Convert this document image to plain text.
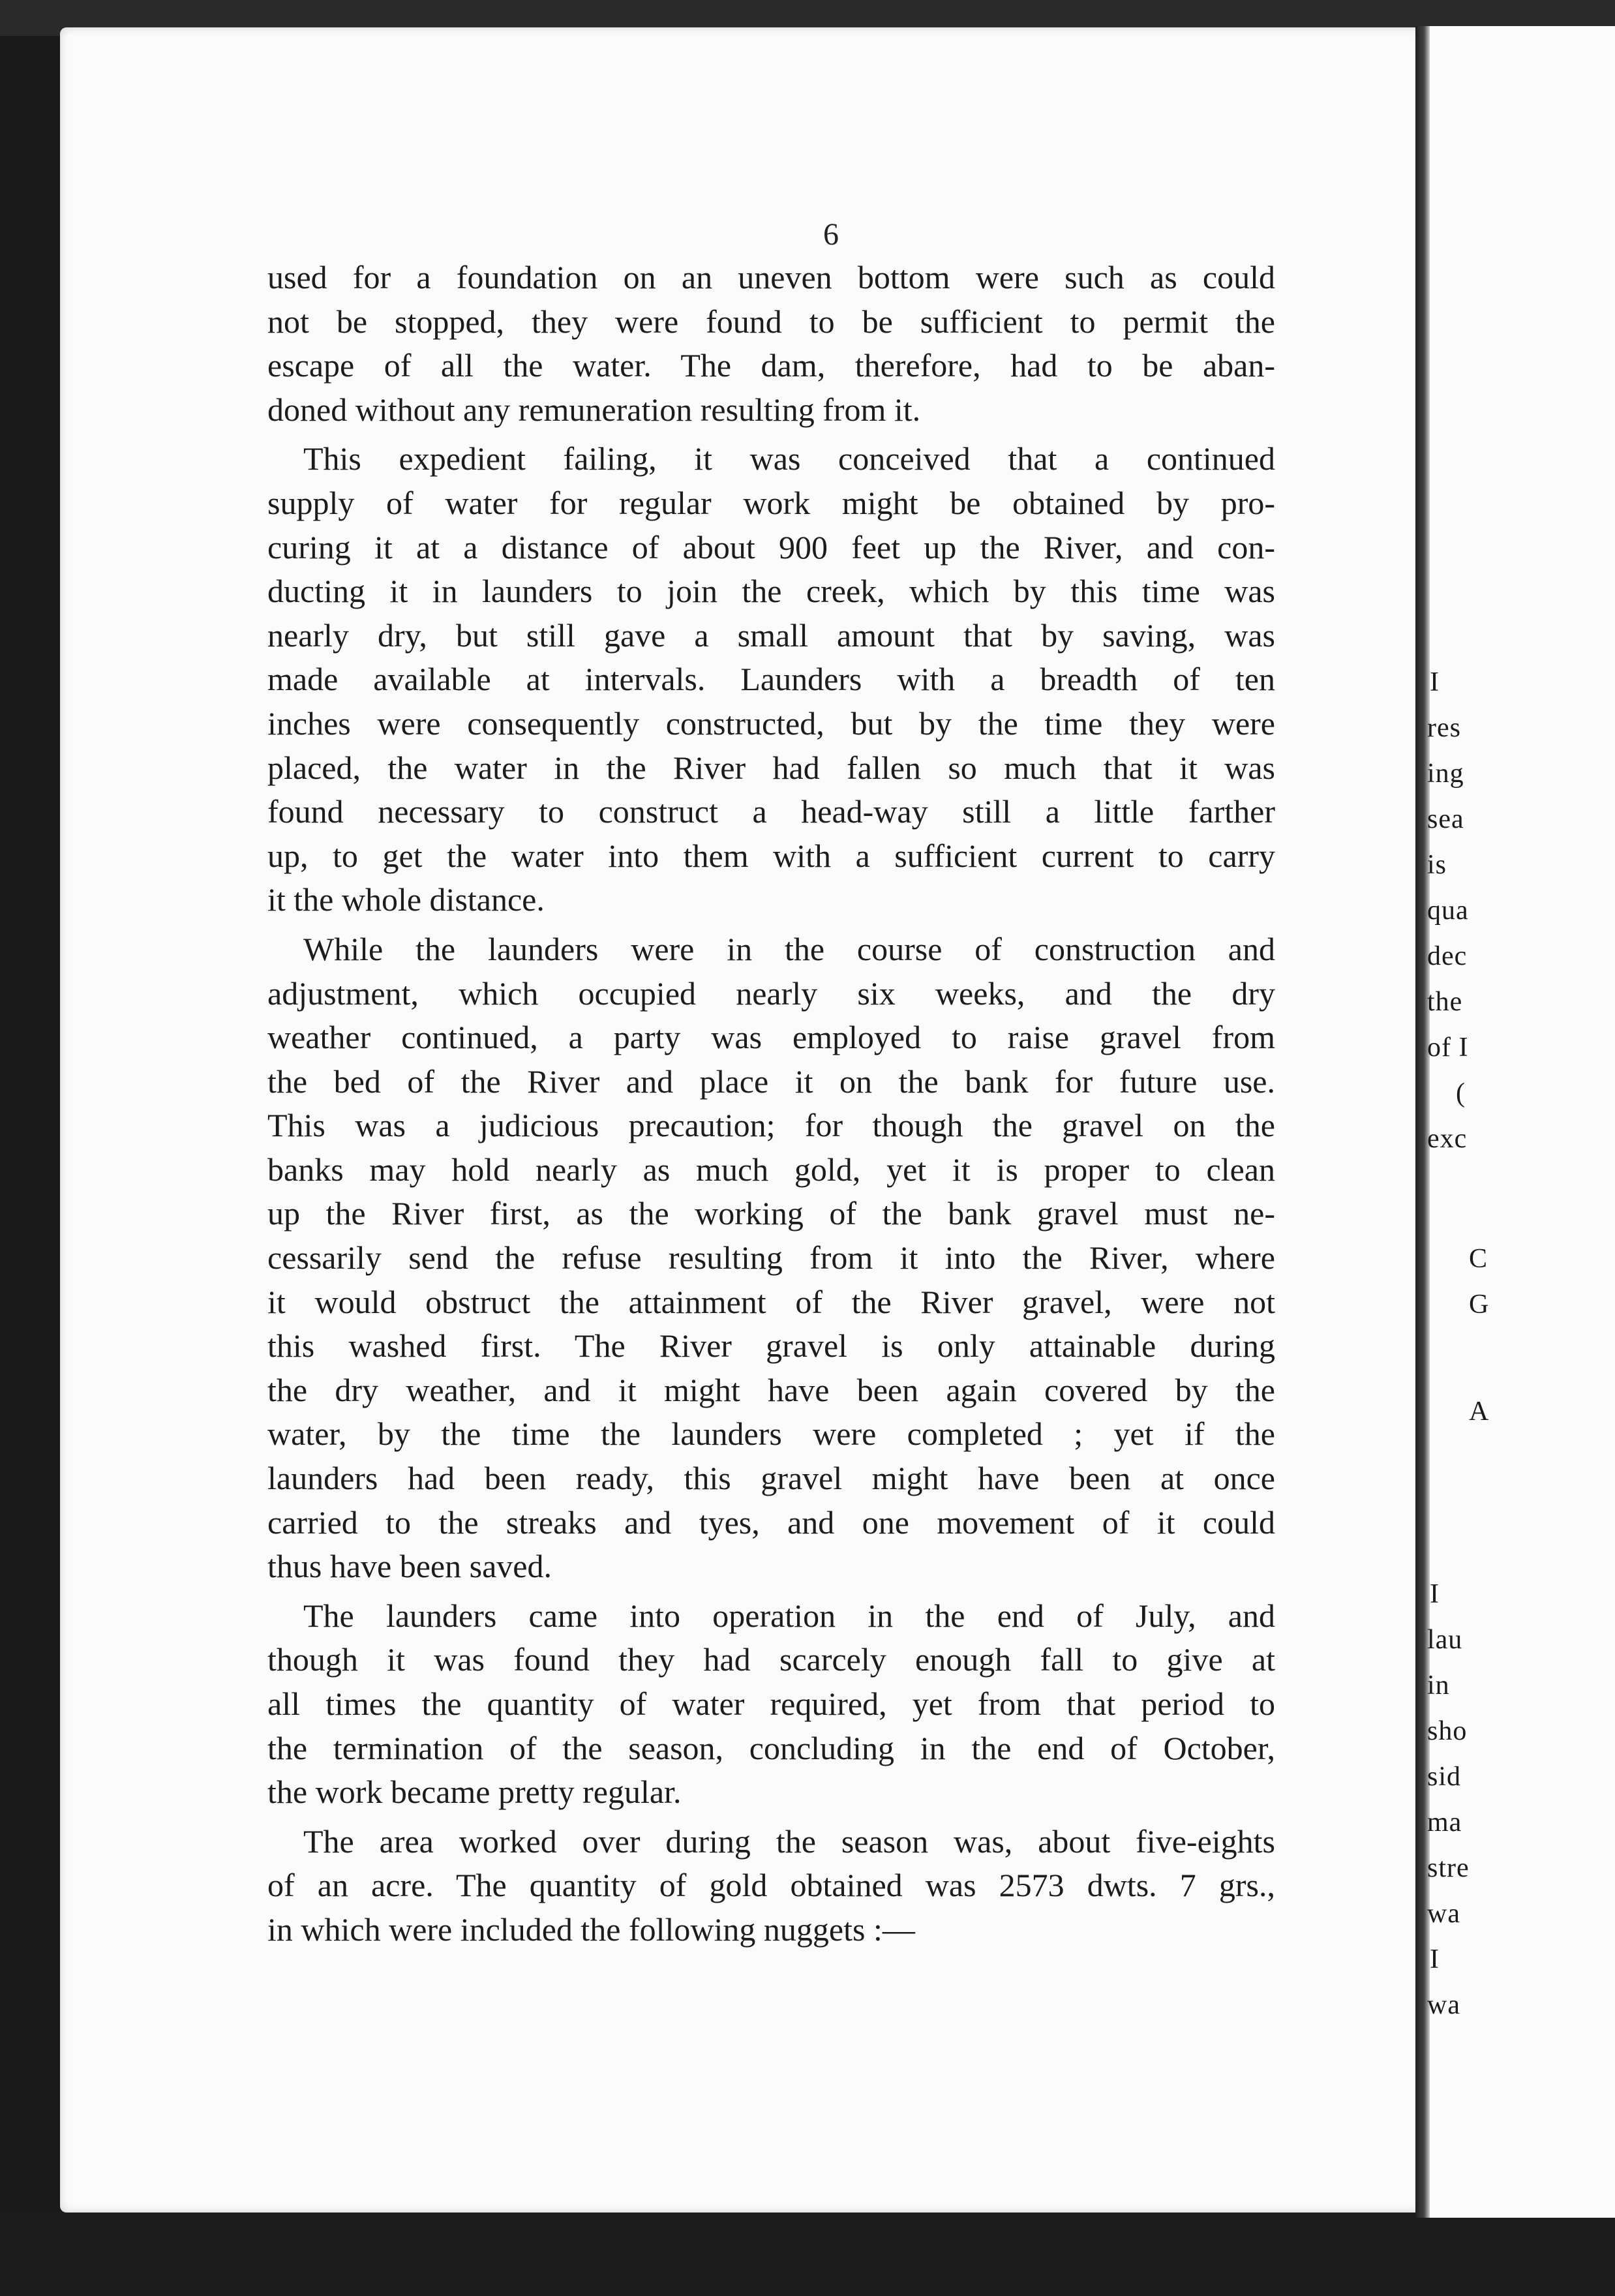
6
I
res
ing
sea
is
qua
dec
the
of I
(
exc
C
G
A
I
lau
in
sho
sid
ma
stre
wa
I
wa
used for a foundation on an uneven bottom were such as could
not be stopped, they were found to be sufficient to permit the
escape of all the water. The dam, therefore, had to be aban-
doned without any remuneration resulting from it.
This expedient failing, it was conceived that a continued
supply of water for regular work might be obtained by pro-
curing it at a distance of about 900 feet up the River, and con-
ducting it in launders to join the creek, which by this time was
nearly dry, but still gave a small amount that by saving, was
made available at intervals. Launders with a breadth of ten
inches were consequently constructed, but by the time they were
placed, the water in the River had fallen so much that it was
found necessary to construct a head-way still a little farther
up, to get the water into them with a sufficient current to carry
it the whole distance.
While the launders were in the course of construction and
adjustment, which occupied nearly six weeks, and the dry
weather continued, a party was employed to raise gravel from
the bed of the River and place it on the bank for future use.
This was a judicious precaution; for though the gravel on the
banks may hold nearly as much gold, yet it is proper to clean
up the River first, as the working of the bank gravel must ne-
cessarily send the refuse resulting from it into the River, where
it would obstruct the attainment of the River gravel, were not
this washed first. The River gravel is only attainable during
the dry weather, and it might have been again covered by the
water, by the time the launders were completed ; yet if the
launders had been ready, this gravel might have been at once
carried to the streaks and tyes, and one movement of it could
thus have been saved.
The launders came into operation in the end of July, and
though it was found they had scarcely enough fall to give at
all times the quantity of water required, yet from that period to
the termination of the season, concluding in the end of October,
the work became pretty regular.
The area worked over during the season was, about five-eights
of an acre. The quantity of gold obtained was 2573 dwts. 7 grs.,
in which were included the following nuggets :—
